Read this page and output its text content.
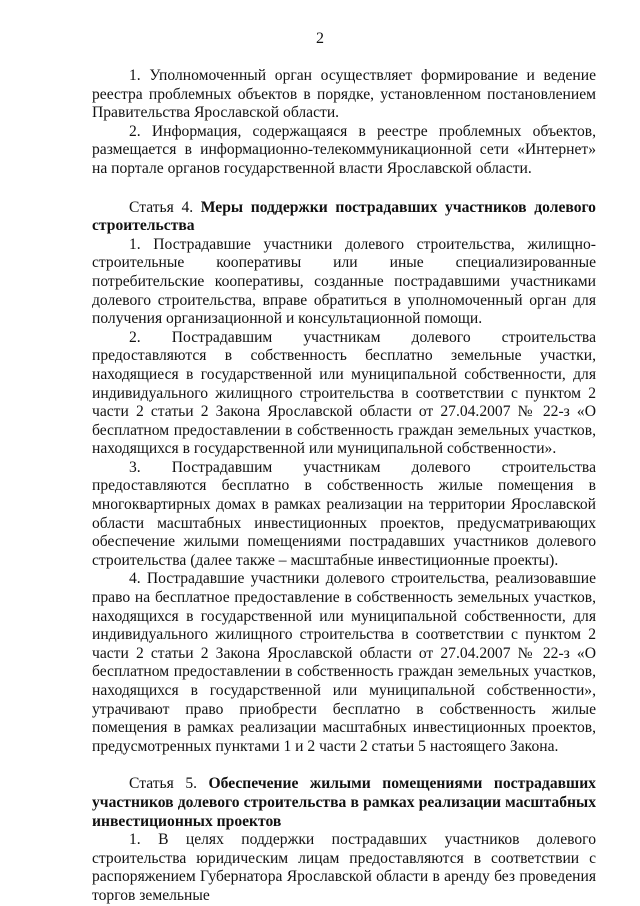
2

1. Уполномоченный орган осуществляет формирование и ведение реестра проблемных объектов в порядке, установленном постановлением Правительства Ярославской области.

2. Информация, содержащаяся в реестре проблемных объектов, размещается в информационно-телекоммуникационной сети «Интернет» на портале органов государственной власти Ярославской области.

Статья 4. Меры поддержки пострадавших участников долевого строительства

1. Пострадавшие участники долевого строительства, жилищно-строительные кооперативы или иные специализированные потребительские кооперативы, созданные пострадавшими участниками долевого строительства, вправе обратиться в уполномоченный орган для получения организационной и консультационной помощи.

2. Пострадавшим участникам долевого строительства предоставляются в собственность бесплатно земельные участки, находящиеся в государственной или муниципальной собственности, для индивидуального жилищного строительства в соответствии с пунктом 2 части 2 статьи 2 Закона Ярославской области от 27.04.2007 № 22-з «О бесплатном предоставлении в собственность граждан земельных участков, находящихся в государственной или муниципальной собственности».

3. Пострадавшим участникам долевого строительства предоставляются бесплатно в собственность жилые помещения в многоквартирных домах в рамках реализации на территории Ярославской области масштабных инвестиционных проектов, предусматривающих обеспечение жилыми помещениями пострадавших участников долевого строительства (далее также – масштабные инвестиционные проекты).

4. Пострадавшие участники долевого строительства, реализовавшие право на бесплатное предоставление в собственность земельных участков, находящихся в государственной или муниципальной собственности, для индивидуального жилищного строительства в соответствии с пунктом 2 части 2 статьи 2 Закона Ярославской области от 27.04.2007 № 22-з «О бесплатном предоставлении в собственность граждан земельных участков, находящихся в государственной или муниципальной собственности», утрачивают право приобрести бесплатно в собственность жилые помещения в рамках реализации масштабных инвестиционных проектов, предусмотренных пунктами 1 и 2 части 2 статьи 5 настоящего Закона.

Статья 5. Обеспечение жилыми помещениями пострадавших участников долевого строительства в рамках реализации масштабных инвестиционных проектов

1. В целях поддержки пострадавших участников долевого строительства юридическим лицам предоставляются в соответствии с распоряжением Губернатора Ярославской области в аренду без проведения торгов земельные
